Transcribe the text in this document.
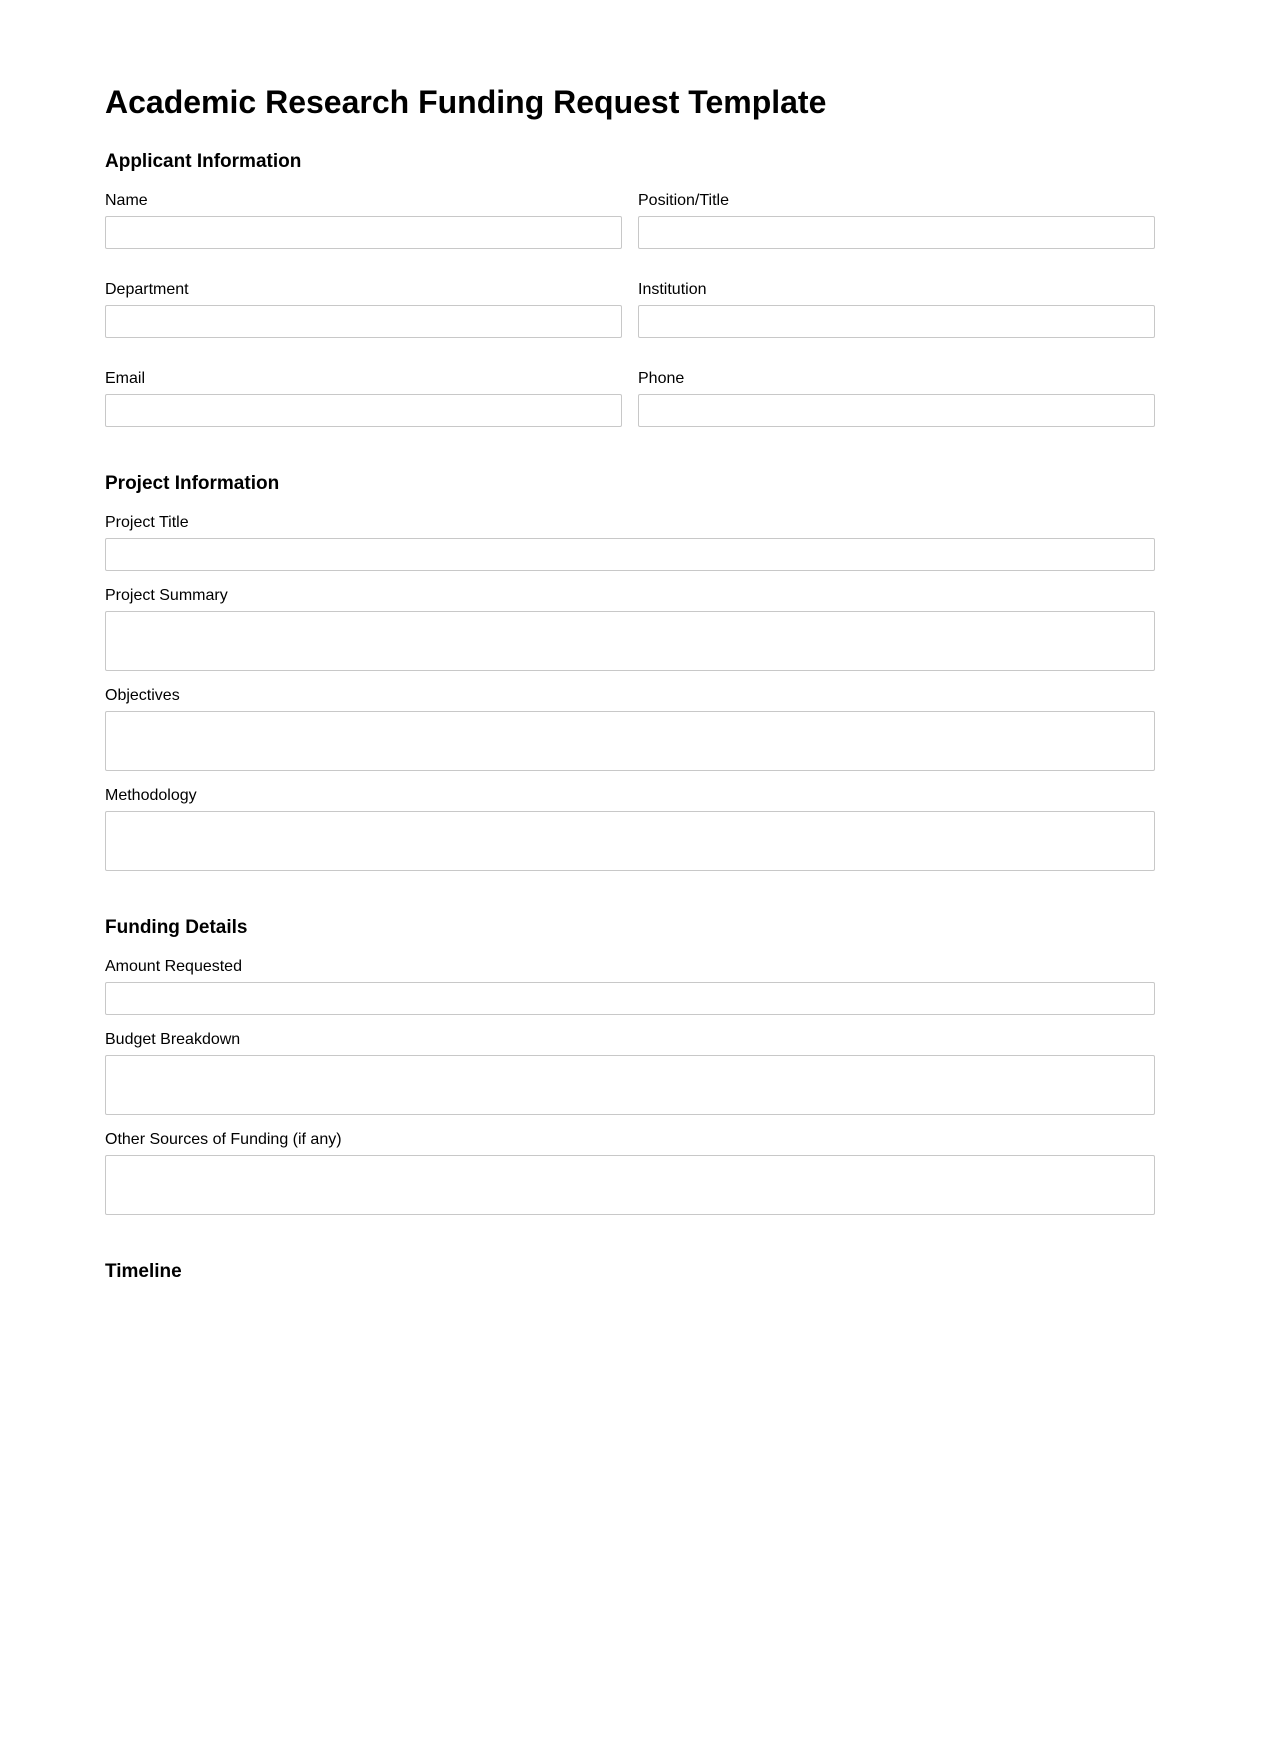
Academic Research Funding Request Template
Applicant Information
Name	Position/Title
Department	Institution
Email	Phone
Project Information
Project Title
Project Summary
Objectives
Methodology
Funding Details
Amount Requested
Budget Breakdown
Other Sources of Funding (if any)
Timeline
